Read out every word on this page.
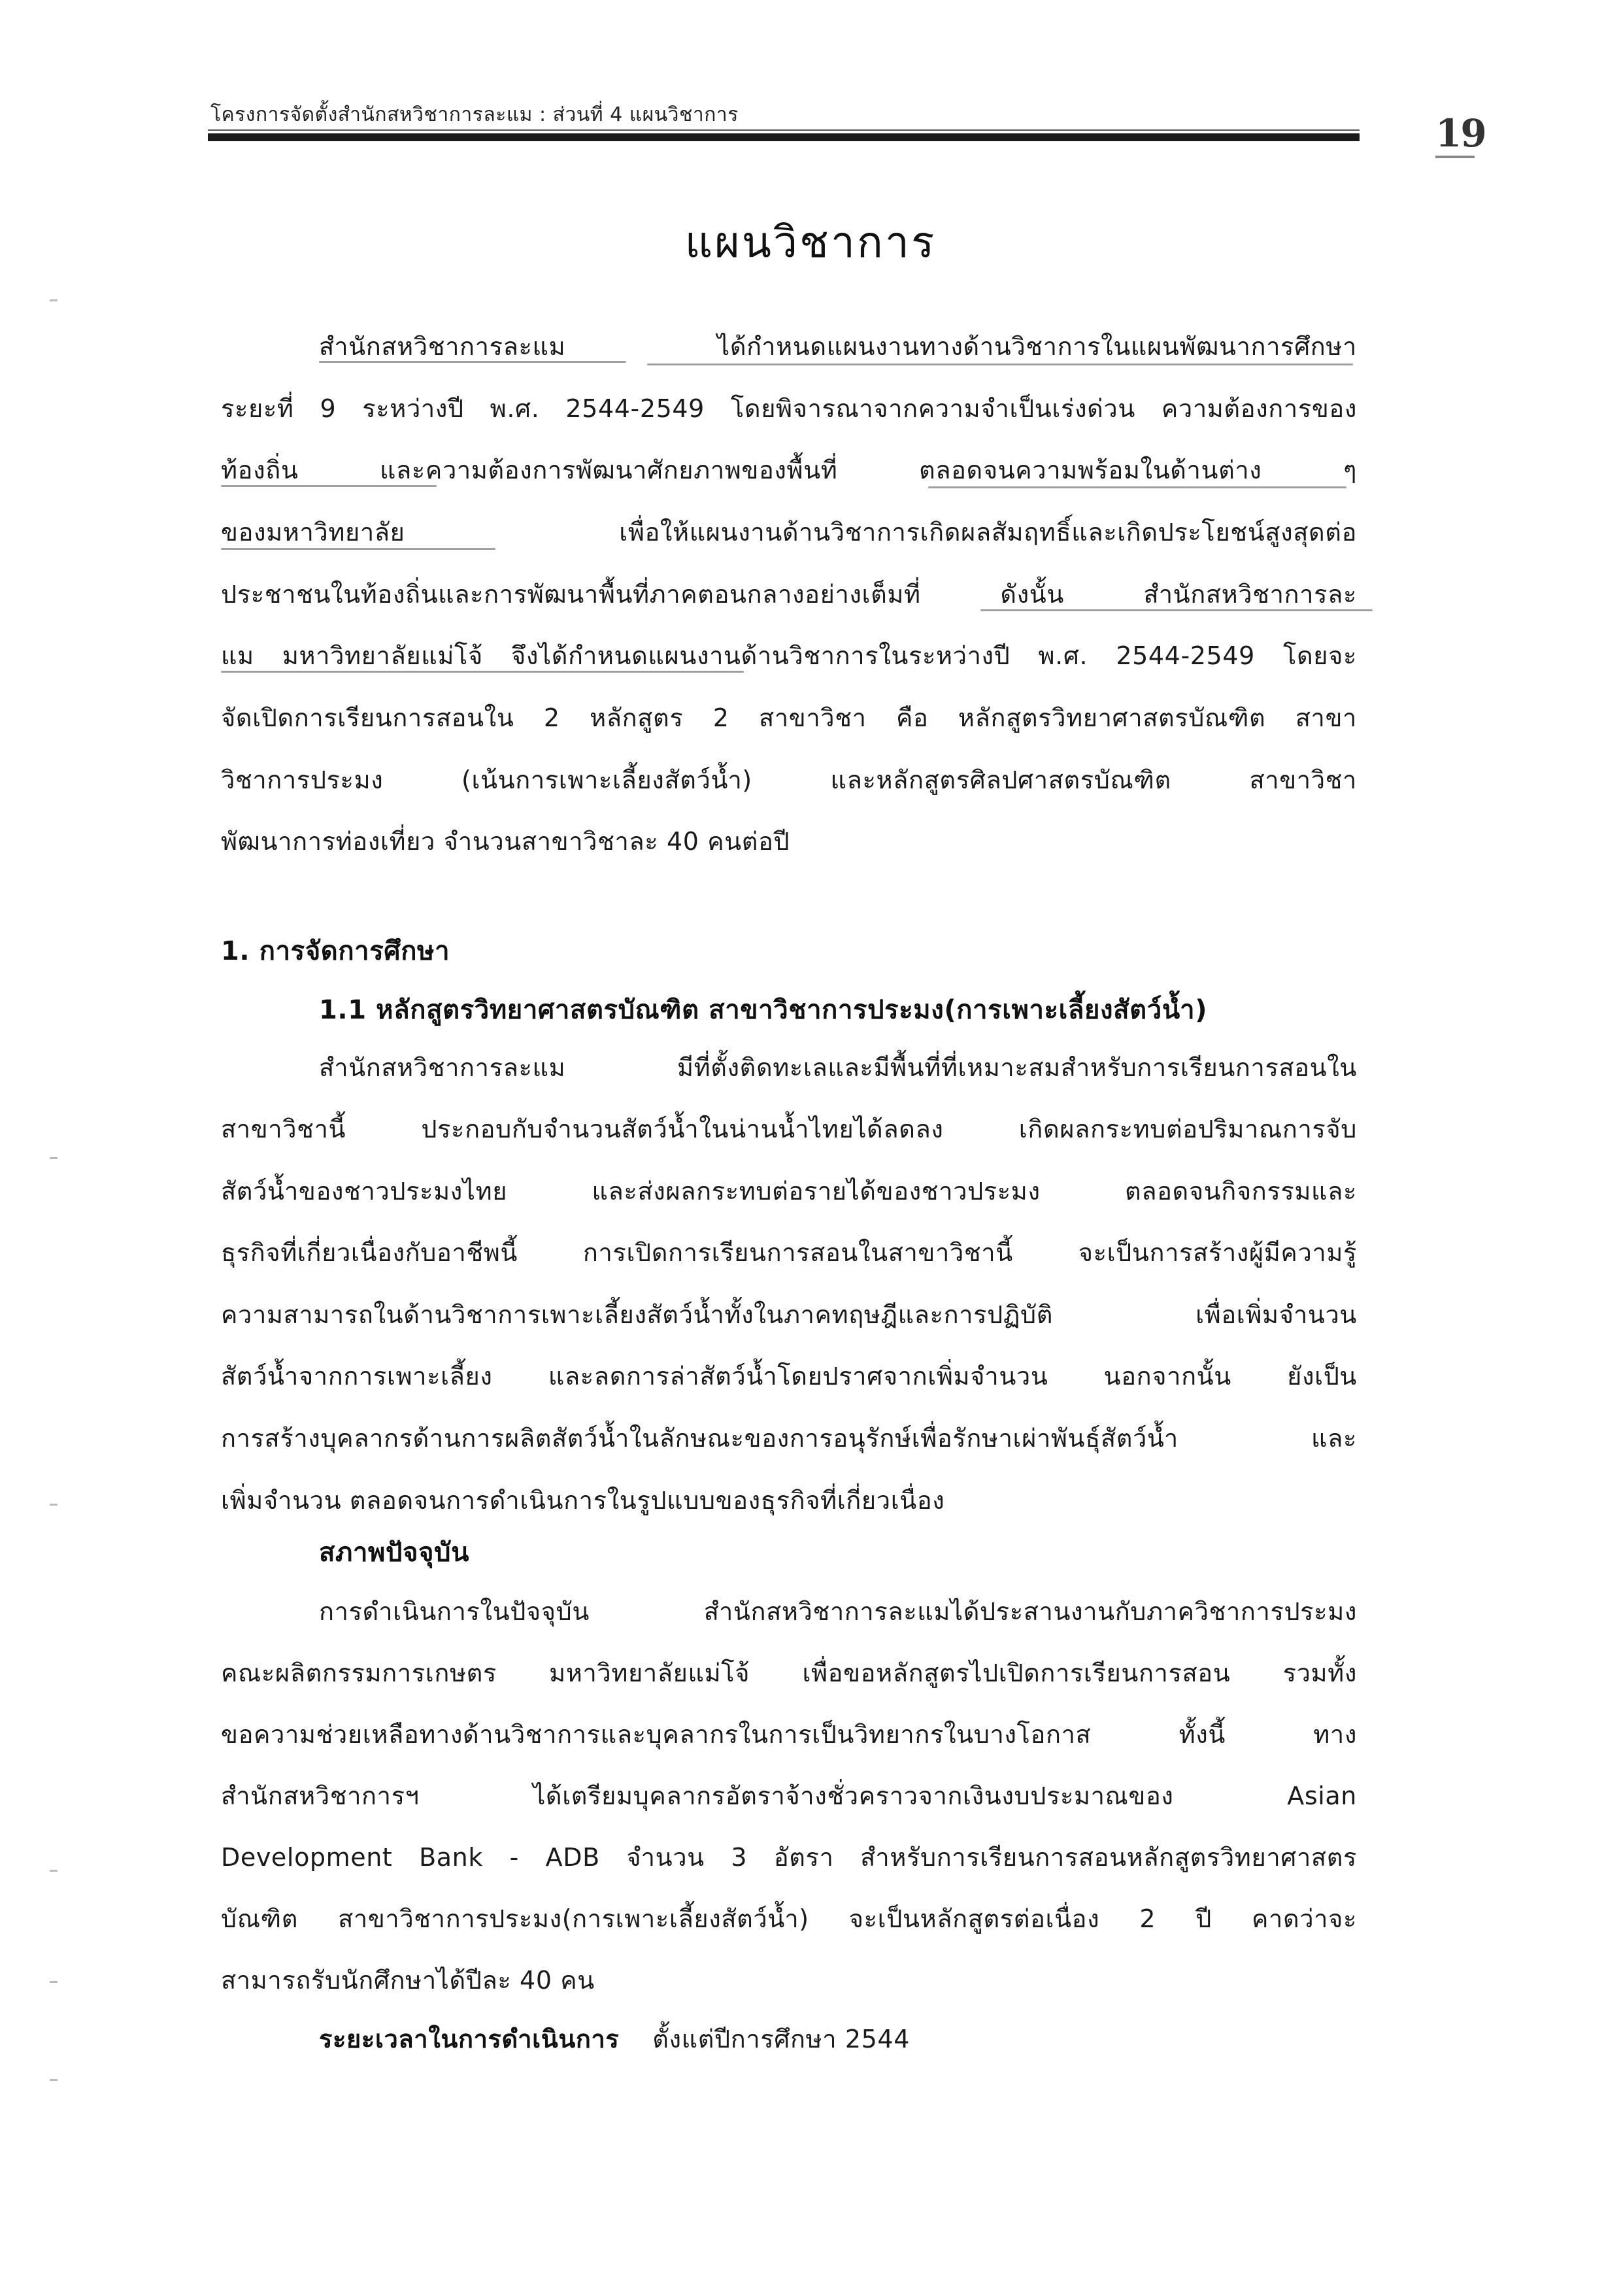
โครงการจัดตั้งสำนักสหวิชาการละแม : ส่วนที่ 4 แผนวิชาการ	19
แผนวิชาการ
สำนักสหวิชาการละแม ได้กำหนดแผนงานทางด้านวิชาการในแผนพัฒนาการศึกษา
ระยะที่ 9 ระหว่างปี พ.ศ. 2544-2549 โดยพิจารณาจากความจำเป็นเร่งด่วน ความต้องการของ
ท้องถิ่น และความต้องการพัฒนาศักยภาพของพื้นที่ ตลอดจนความพร้อมในด้านต่าง ๆ
ของมหาวิทยาลัย เพื่อให้แผนงานด้านวิชาการเกิดผลสัมฤทธิ์และเกิดประโยชน์สูงสุดต่อ
ประชาชนในท้องถิ่นและการพัฒนาพื้นที่ภาคตอนกลางอย่างเต็มที่ ดังนั้น สำนักสหวิชาการละ
แม มหาวิทยาลัยแม่โจ้ จึงได้กำหนดแผนงานด้านวิชาการในระหว่างปี พ.ศ. 2544-2549 โดยจะ
จัดเปิดการเรียนการสอนใน 2 หลักสูตร 2 สาขาวิชา คือ หลักสูตรวิทยาศาสตรบัณฑิต สาขา
วิชาการประมง (เน้นการเพาะเลี้ยงสัตว์น้ำ) และหลักสูตรศิลปศาสตรบัณฑิต สาขาวิชา
พัฒนาการท่องเที่ยว จำนวนสาขาวิชาละ 40 คนต่อปี
1. การจัดการศึกษา
1.1 หลักสูตรวิทยาศาสตรบัณฑิต สาขาวิชาการประมง(การเพาะเลี้ยงสัตว์น้ำ)
สำนักสหวิชาการละแม มีที่ตั้งติดทะเลและมีพื้นที่ที่เหมาะสมสำหรับการเรียนการสอนใน
สาขาวิชานี้ ประกอบกับจำนวนสัตว์น้ำในน่านน้ำไทยได้ลดลง เกิดผลกระทบต่อปริมาณการจับ
สัตว์น้ำของชาวประมงไทย และส่งผลกระทบต่อรายได้ของชาวประมง ตลอดจนกิจกรรมและ
ธุรกิจที่เกี่ยวเนื่องกับอาชีพนี้ การเปิดการเรียนการสอนในสาขาวิชานี้ จะเป็นการสร้างผู้มีความรู้
ความสามารถในด้านวิชาการเพาะเลี้ยงสัตว์น้ำทั้งในภาคทฤษฎีและการปฏิบัติ เพื่อเพิ่มจำนวน
สัตว์น้ำจากการเพาะเลี้ยง และลดการล่าสัตว์น้ำโดยปราศจากเพิ่มจำนวน นอกจากนั้น ยังเป็น
การสร้างบุคลากรด้านการผลิตสัตว์น้ำในลักษณะของการอนุรักษ์เพื่อรักษาเผ่าพันธุ์สัตว์น้ำ และ
เพิ่มจำนวน ตลอดจนการดำเนินการในรูปแบบของธุรกิจที่เกี่ยวเนื่อง
สภาพปัจจุบัน
การดำเนินการในปัจจุบัน สำนักสหวิชาการละแมได้ประสานงานกับภาควิชาการประมง
คณะผลิตกรรมการเกษตร มหาวิทยาลัยแม่โจ้ เพื่อขอหลักสูตรไปเปิดการเรียนการสอน รวมทั้ง
ขอความช่วยเหลือทางด้านวิชาการและบุคลากรในการเป็นวิทยากรในบางโอกาส ทั้งนี้ ทาง
สำนักสหวิชาการฯ ได้เตรียมบุคลากรอัตราจ้างชั่วคราวจากเงินงบประมาณของ Asian
Development Bank - ADB จำนวน 3 อัตรา สำหรับการเรียนการสอนหลักสูตรวิทยาศาสตร
บัณฑิต สาขาวิชาการประมง(การเพาะเลี้ยงสัตว์น้ำ) จะเป็นหลักสูตรต่อเนื่อง 2 ปี คาดว่าจะ
สามารถรับนักศึกษาได้ปีละ 40 คน
ระยะเวลาในการดำเนินการ ตั้งแต่ปีการศึกษา 2544
